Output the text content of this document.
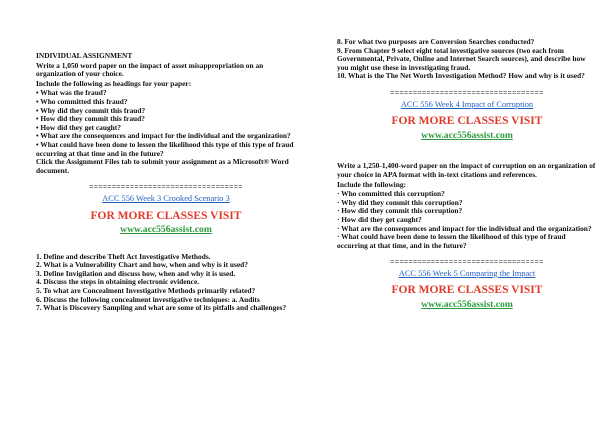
INDIVIDUAL ASSIGNMENT
Write a 1,050 word paper on the impact of asset misappropriation on an organization of your choice.
Include the following as headings for your paper:
• What was the fraud?
• Who committed this fraud?
• Why did they commit this fraud?
• How did they commit this fraud?
• How did they get caught?
• What are the consequences and impact for the individual and the organization?
• What could have been done to lessen the likelihood this type of this type of fraud occurring at that time and in the future?
Click the Assignment Files tab to submit your assignment as a Microsoft® Word document.
==================================
ACC 556 Week 3 Crooked Scenario 3
FOR MORE CLASSES VISIT
www.acc556assist.com
1. Define and describe Theft Act Investigative Methods.
2. What is a Vulnerability Chart and how, when and why is it used?
3. Define Invigilation and discuss how, when and why it is used.
4. Discuss the steps in obtaining electronic evidence.
5. To what are Concealment Investigative Methods primarily related?
6. Discuss the following concealment investigative techniques: a. Audits
7. What is Discovery Sampling and what are some of its pitfalls and challenges?
8. For what two purposes are Conversion Searches conducted?
9. From Chapter 9 select eight total investigative sources (two each from Governmental, Private, Online and Internet Search sources), and describe how you might use these in investigating fraud.
10. What is the The Net Worth Investigation Method? How and why is it used?
==================================
ACC 556 Week 4 Impact of Corruption
FOR MORE CLASSES VISIT
www.acc556assist.com
Write a 1,250-1,400-word paper on the impact of corruption on an organization of your choice in APA format with in-text citations and references.
Include the following:
· Who committed this corruption?
· Why did they commit this corruption?
· How did they commit this corruption?
· How did they get caught?
· What are the consequences and impact for the individual and the organization?
· What could have been done to lessen the likelihood of this type of fraud occurring at that time, and in the future?
==================================
ACC 556 Week 5 Comparing the Impact
FOR MORE CLASSES VISIT
www.acc556assist.com
